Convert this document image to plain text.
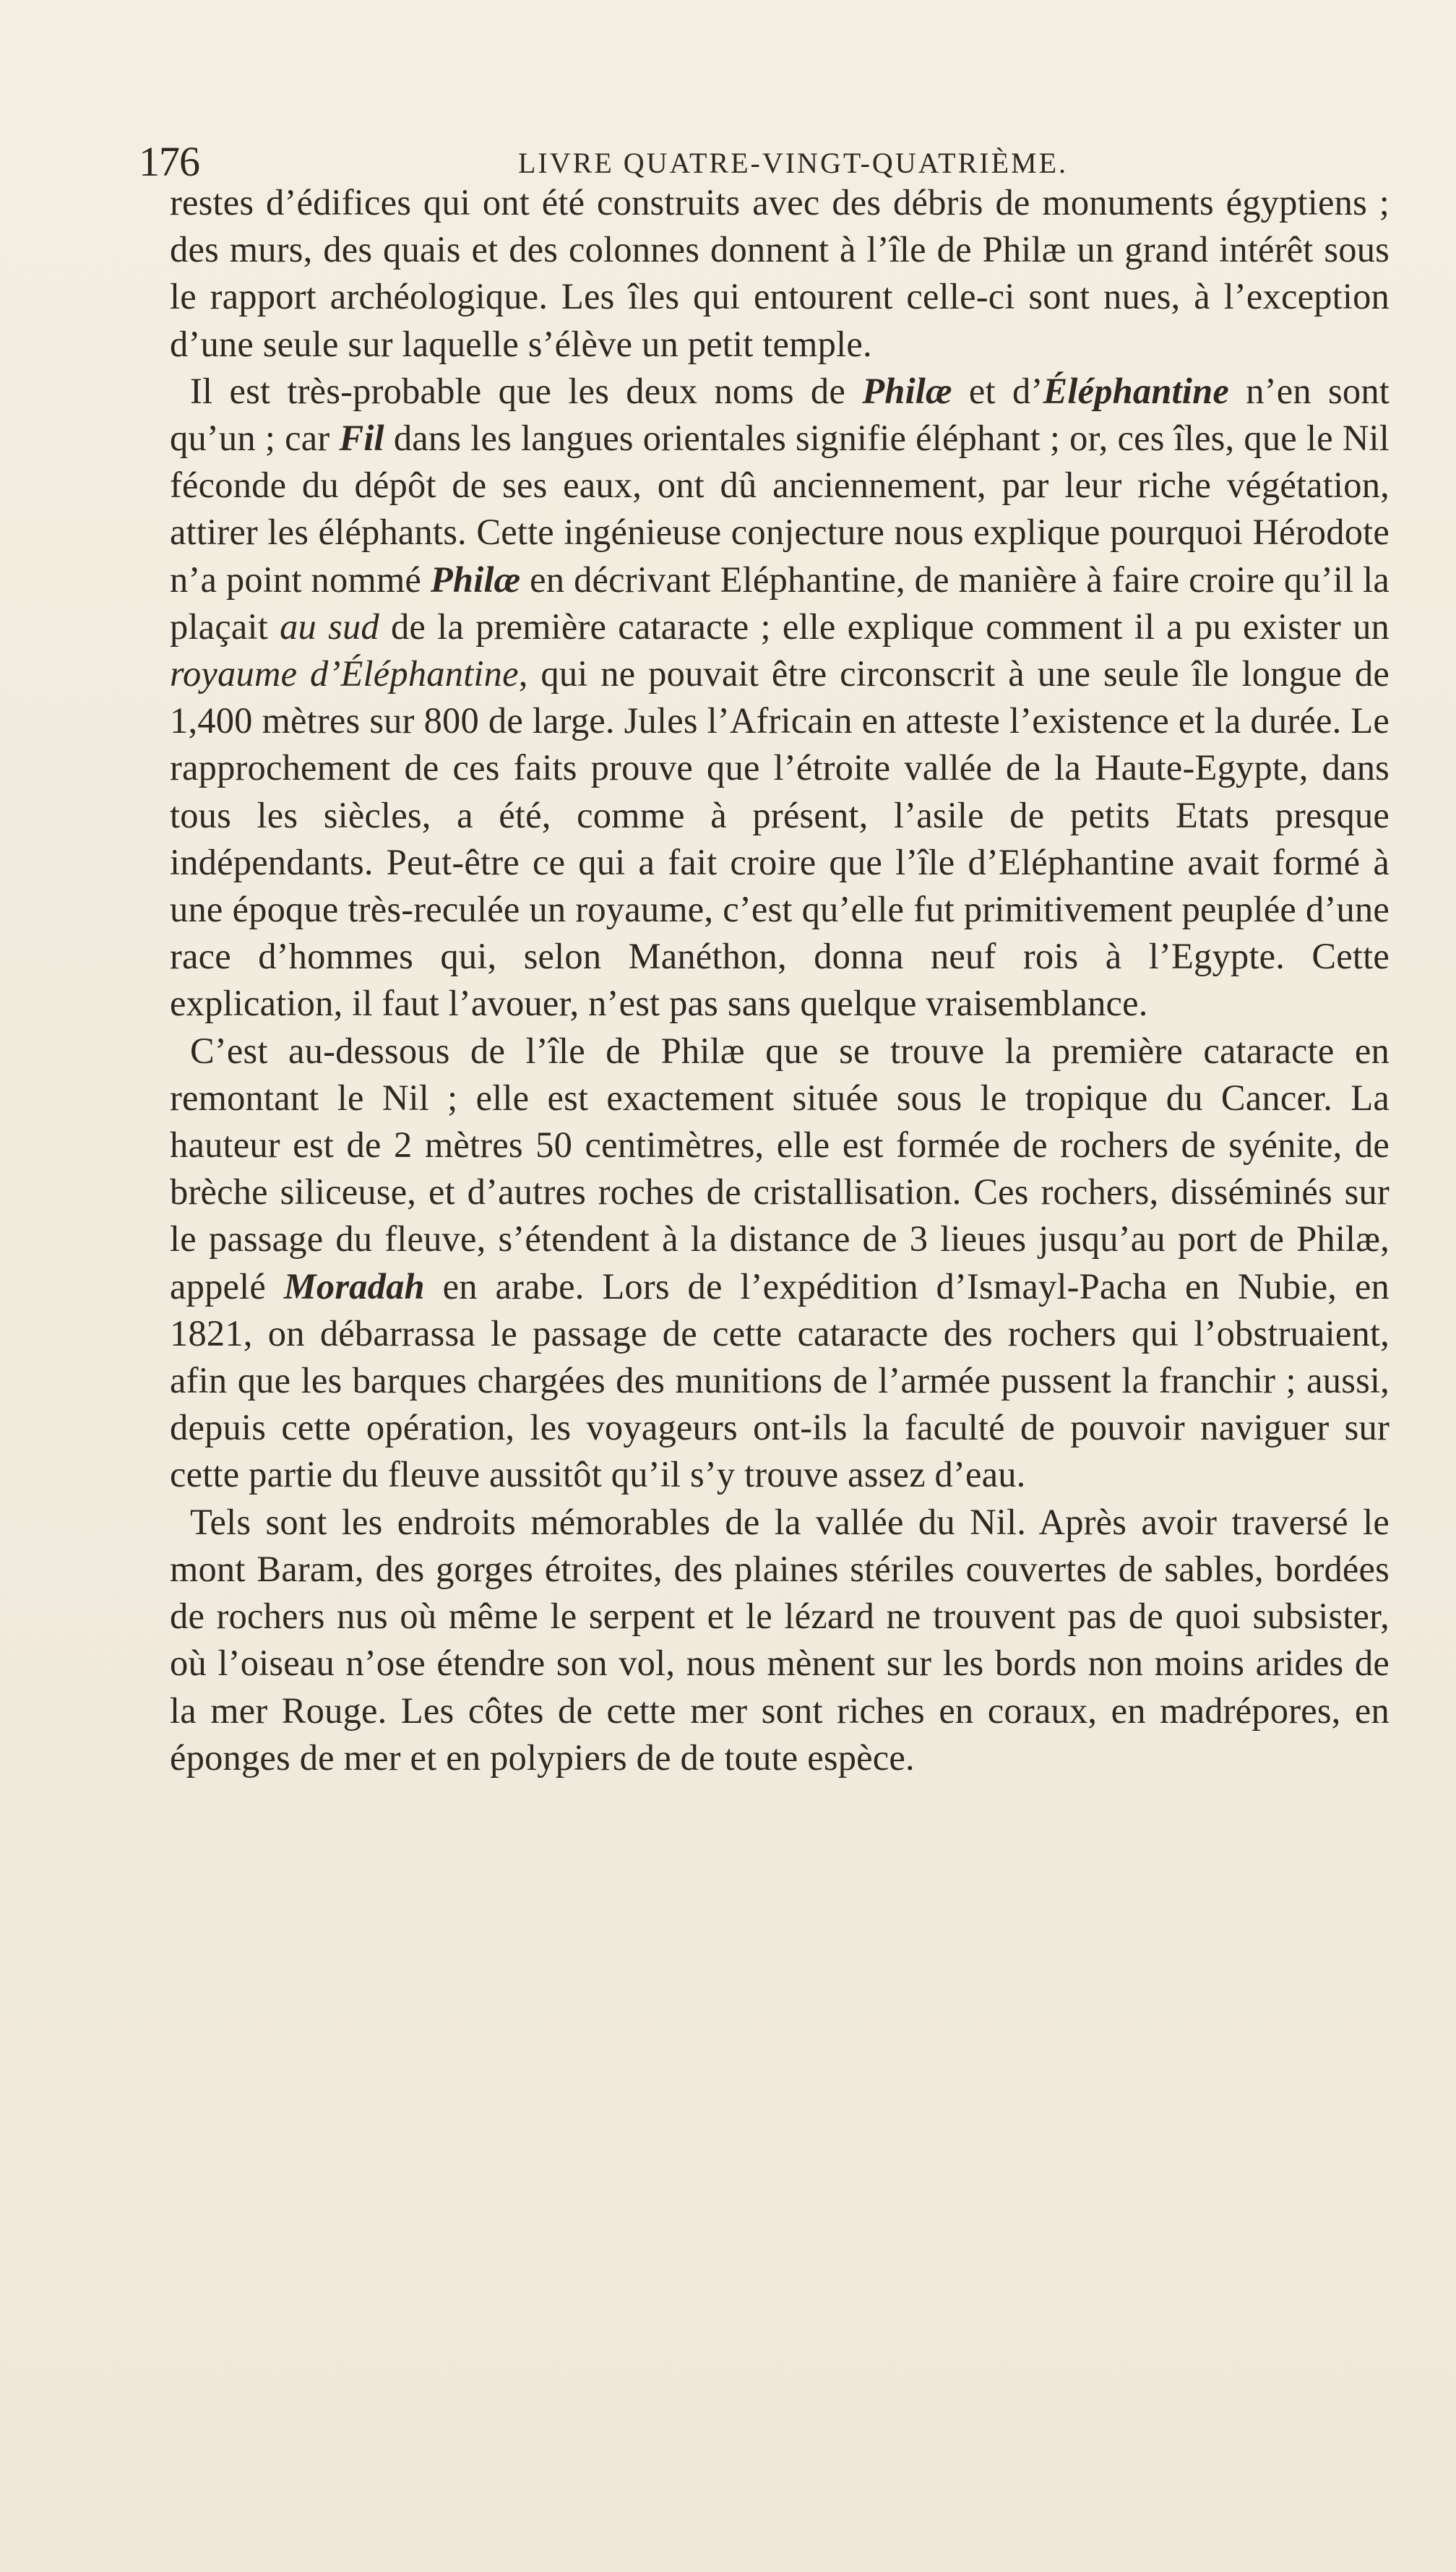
176	LIVRE QUATRE-VINGT-QUATRIÈME.

restes d’édifices qui ont été construits avec des débris de monuments égyptiens ; des murs, des quais et des colonnes donnent à l’île de Philæ un grand intérêt sous le rapport archéologique. Les îles qui entourent celle-ci sont nues, à l’exception d’une seule sur laquelle s’élève un petit temple.

Il est très-probable que les deux noms de Philæ et d’Éléphantine n’en sont qu’un ; car Fil dans les langues orientales signifie éléphant ; or, ces îles, que le Nil féconde du dépôt de ses eaux, ont dû anciennement, par leur riche végétation, attirer les éléphants. Cette ingénieuse conjecture nous explique pourquoi Hérodote n’a point nommé Philæ en décrivant Eléphantine, de manière à faire croire qu’il la plaçait au sud de la première cataracte ; elle explique comment il a pu exister un royaume d’Éléphantine, qui ne pouvait être circonscrit à une seule île longue de 1,400 mètres sur 800 de large. Jules l’Africain en atteste l’existence et la durée. Le rapprochement de ces faits prouve que l’étroite vallée de la Haute-Egypte, dans tous les siècles, a été, comme à présent, l’asile de petits Etats presque indépendants. Peut-être ce qui a fait croire que l’île d’Eléphantine avait formé à une époque très-reculée un royaume, c’est qu’elle fut primitivement peuplée d’une race d’hommes qui, selon Manéthon, donna neuf rois à l’Egypte. Cette explication, il faut l’avouer, n’est pas sans quelque vraisemblance.

C’est au-dessous de l’île de Philæ que se trouve la première cataracte en remontant le Nil ; elle est exactement située sous le tropique du Cancer. La hauteur est de 2 mètres 50 centimètres, elle est formée de rochers de syénite, de brèche siliceuse, et d’autres roches de cristallisation. Ces rochers, disséminés sur le passage du fleuve, s’étendent à la distance de 3 lieues jusqu’au port de Philæ, appelé Moradah en arabe. Lors de l’expédition d’Ismayl-Pacha en Nubie, en 1821, on débarrassa le passage de cette cataracte des rochers qui l’obstruaient, afin que les barques chargées des munitions de l’armée pussent la franchir ; aussi, depuis cette opération, les voyageurs ont-ils la faculté de pouvoir naviguer sur cette partie du fleuve aussitôt qu’il s’y trouve assez d’eau.

Tels sont les endroits mémorables de la vallée du Nil. Après avoir traversé le mont Baram, des gorges étroites, des plaines stériles couvertes de sables, bordées de rochers nus où même le serpent et le lézard ne trouvent pas de quoi subsister, où l’oiseau n’ose étendre son vol, nous mènent sur les bords non moins arides de la mer Rouge. Les côtes de cette mer sont riches en coraux, en madrépores, en éponges de mer et en polypiers de de toute espèce.
